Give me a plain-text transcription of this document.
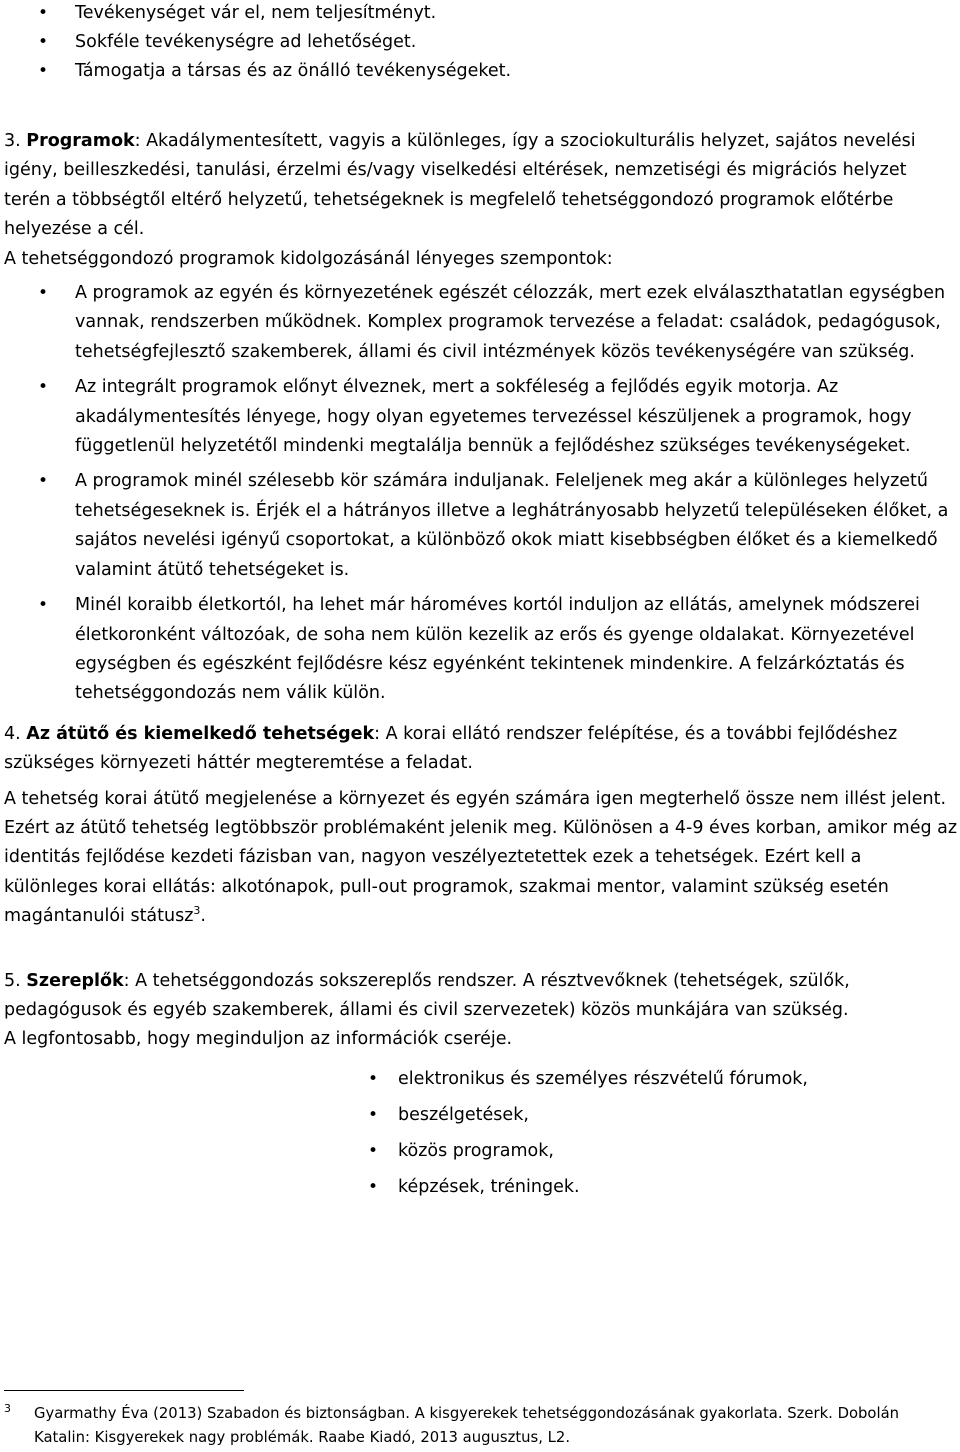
•
Tevékenységet vár el, nem teljesítményt.
•
Sokféle tevékenységre ad lehetőséget.
•
Támogatja a társas és az önálló tevékenységeket.

3. Programok: Akadálymentesített, vagyis a különleges, így a szociokulturális helyzet, sajátos nevelési igény, beilleszkedési, tanulási, érzelmi és/vagy viselkedési eltérések, nemzetiségi és migrációs helyzet terén a többségtől eltérő helyzetű, tehetségeknek is megfelelő tehetséggondozó programok előtérbe helyezése a cél.

A tehetséggondozó programok kidolgozásánál lényeges szempontok:

•
A programok az egyén és környezetének egészét célozzák, mert ezek elválaszthatatlan egységben vannak, rendszerben működnek. Komplex programok tervezése a feladat: családok, pedagógusok, tehetségfejlesztő szakemberek, állami és civil intézmények közös tevékenységére van szükség.
•
Az integrált programok előnyt élveznek, mert a sokféleség a fejlődés egyik motorja. Az akadálymentesítés lényege, hogy olyan egyetemes tervezéssel készüljenek a programok, hogy függetlenül helyzetétől mindenki megtalálja bennük a fejlődéshez szükséges tevékenységeket.
•
A programok minél szélesebb kör számára induljanak. Feleljenek meg akár a különleges helyzetű tehetségeseknek is. Érjék el a hátrányos illetve a leghátrányosabb helyzetű településeken élőket, a sajátos nevelési igényű csoportokat, a különböző okok miatt kisebbségben élőket és a kiemelkedő valamint átütő tehetségeket is.
•
Minél koraibb életkortól, ha lehet már hároméves kortól induljon az ellátás, amelynek módszerei életkoronként változóak, de soha nem külön kezelik az erős és gyenge oldalakat. Környezetével egységben és egészként fejlődésre kész egyénként tekintenek mindenkire. A felzárkóztatás és tehetséggondozás nem válik külön.

4. Az átütő és kiemelkedő tehetségek: A korai ellátó rendszer felépítése, és a további fejlődéshez szükséges környezeti háttér megteremtése a feladat.

A tehetség korai átütő megjelenése a környezet és egyén számára igen megterhelő össze nem illést jelent. Ezért az átütő tehetség legtöbbször problémaként jelenik meg. Különösen a 4-9 éves korban, amikor még az identitás fejlődése kezdeti fázisban van, nagyon veszélyeztetettek ezek a tehetségek. Ezért kell a különleges korai ellátás: alkotónapok, pull-out programok, szakmai mentor, valamint szükség esetén magántanulói státusz$^3$.

5. Szereplők: A tehetséggondozás sokszereplős rendszer. A résztvevőknek (tehetségek, szülők, pedagógusok és egyéb szakemberek, állami és civil szervezetek) közös munkájára van szükség.

A legfontosabb, hogy meginduljon az információk cseréje.

•
elektronikus és személyes részvételű fórumok,
•
beszélgetések,
•
közös programok,
•
képzések, tréningek.
3	Gyarmathy Éva (2013) Szabadon és biztonságban. A kisgyerekek tehetséggondozásának gyakorlata. Szerk. Dobolán Katalin: Kisgyerekek nagy problémák. Raabe Kiadó, 2013 augusztus, L2.
